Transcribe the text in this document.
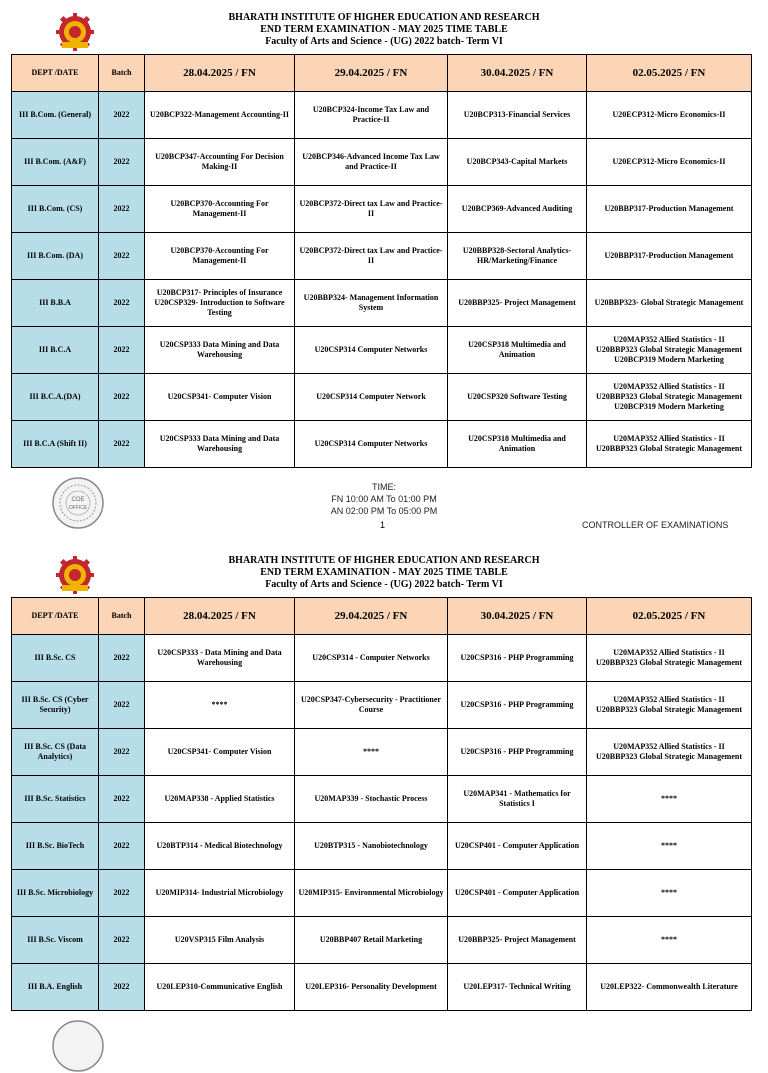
BHARATH INSTITUTE OF HIGHER EDUCATION AND RESEARCH
END TERM EXAMINATION - MAY 2025 TIME TABLE
Faculty of Arts and Science - (UG) 2022 batch- Term VI
DEPT /DATE	Batch	28.04.2025 / FN	29.04.2025 / FN	30.04.2025 / FN	02.05.2025 / FN
III B.Com. (General)	2022	U20BCP322-Management Accounting-II	U20BCP324-Income Tax Law and Practice-II	U20BCP313-Financial Services	U20ECP312-Micro Economics-II
III B.Com. (A&F)	2022	U20BCP347-Accounting For Decision Making-II	U20BCP346-Advanced Income Tax Law and Practice-II	U20BCP343-Capital Markets	U20ECP312-Micro Economics-II
III B.Com. (CS)	2022	U20BCP370-Accounting For Management-II	U20BCP372-Direct tax Law and Practice-II	U20BCP369-Advanced Auditing	U20BBP317-Production Management
III B.Com. (DA)	2022	U20BCP370-Accounting For Management-II	U20BCP372-Direct tax Law and Practice-II	U20BBP328-Sectoral Analytics-HR/Marketing/Finance	U20BBP317-Production Management
III B.B.A	2022	U20BCP317- Principles of Insurance
U20CSP329- Introduction to Software Testing	U20BBP324- Management Information System	U20BBP325- Project Management	U20BBP323- Global Strategic Management
III B.C.A	2022	U20CSP333 Data Mining and Data Warehousing	U20CSP314 Computer Networks	U20CSP318 Multimedia and Animation	U20MAP352 Allied Statistics - II
U20BBP323 Global Strategic Management
U20BCP319 Modern Marketing
III B.C.A.(DA)	2022	U20CSP341- Computer Vision	U20CSP314 Computer Network	U20CSP320 Software Testing	U20MAP352 Allied Statistics - II
U20BBP323 Global Strategic Management
U20BCP319 Modern Marketing
III B.C.A (Shift II)	2022	U20CSP333 Data Mining and Data Warehousing	U20CSP314 Computer Networks	U20CSP318 Multimedia and Animation	U20MAP352 Allied Statistics - II
U20BBP323 Global Strategic Management
COE
OFFICE
TIME:
FN 10:00 AM To 01:00 PM
AN 02:00 PM To 05:00 PM
1	CONTROLLER OF EXAMINATIONS
BHARATH INSTITUTE OF HIGHER EDUCATION AND RESEARCH
END TERM EXAMINATION - MAY 2025 TIME TABLE
Faculty of Arts and Science - (UG) 2022 batch- Term VI
DEPT /DATE	Batch	28.04.2025 / FN	29.04.2025 / FN	30.04.2025 / FN	02.05.2025 / FN
III B.Sc. CS	2022	U20CSP333 - Data Mining and Data Warehousing	U20CSP314 - Computer Networks	U20CSP316 - PHP Programming	U20MAP352 Allied Statistics - II
U20BBP323 Global Strategic Management
III B.Sc. CS (Cyber Security)	2022	****	U20CSP347-Cybersecurity - Practitioner Course	U20CSP316 - PHP Programming	U20MAP352 Allied Statistics - II
U20BBP323 Global Strategic Management
III B.Sc. CS (Data Analytics)	2022	U20CSP341- Computer Vision	****	U20CSP316 - PHP Programming	U20MAP352 Allied Statistics - II
U20BBP323 Global Strategic Management
III B.Sc. Statistics	2022	U20MAP338 - Applied Statistics	U20MAP339 - Stochastic Process	U20MAP341 - Mathematics for Statistics I	****
III B.Sc. BioTech	2022	U20BTP314 - Medical Biotechnology	U20BTP315 - Nanobiotechnology	U20CSP401 - Computer Application	****
III B.Sc. Microbiology	2022	U20MIP314- Industrial Microbiology	U20MIP315- Environmental Microbiology	U20CSP401 - Computer Application	****
III B.Sc. Viscom	2022	U20VSP315 Film Analysis	U20BBP407 Retail Marketing	U20BBP325- Project Management	****
III B.A. English	2022	U20LEP310-Communicative English	U20LEP316- Personality Development	U20LEP317- Technical Writing	U20LEP322- Commonwealth Literature
